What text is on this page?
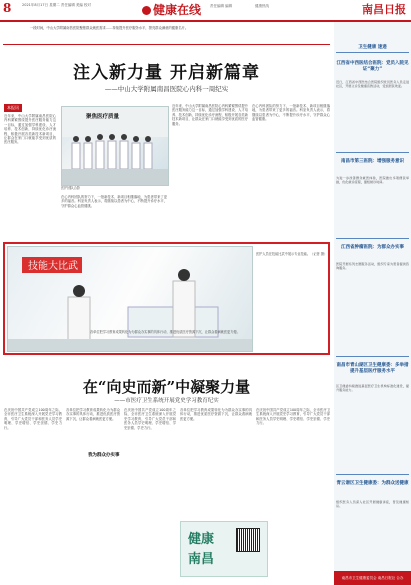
8	2021年8月17日 星期二 责任编辑 美编 校对	健康在线	责任编辑 编辑	健康热线	南昌日报
一段时间，中山大学附属南昌医院聚焦群众就医需求……持续提升医疗服务水平，擦亮群众满意的健康名片。
注入新力量 开启新篇章
——中山大学附属南昌医院心内科一周纪实
本报讯
近年来，中山大学附属南昌医院心内科紧紧围绕提升医疗服务能力这一目标，通过加强学科建设、人才培养、技术创新，持续优化诊疗流程，积极开展各类新技术新项目，让群众在家门口就能享受到优质的医疗服务。
医护团队合影
聚焦医疗质量
在心内科团队的努力下，一批新技术、新项目相继落地，为患者带来了更多的福音。科室负责人表示，将继续以患者为中心，不断提升诊疗水平，守护群众心血管健康。
近年来，中山大学附属南昌医院心内科紧紧围绕提升医疗服务能力这一目标，通过加强学科建设、人才培养、技术创新，持续优化诊疗流程，积极开展各类新技术新项目，让群众在家门口就能享受到优质的医疗服务。
在心内科团队的努力下，一批新技术、新项目相继落地，为患者带来了更多的福音。科室负责人表示，将继续以患者为中心，不断提升诊疗水平，守护群众心血管健康。
技能大比武
医护人员在技能比武中展示专业技能。（记者 摄）
各单位把学习教育成果转化为为群众办实事的具体行动，推进优质医疗资源下沉，让群众看病就医更方便。
在“向史而新”中凝聚力量
——市医疗卫生系统开展党史学习教育纪实
在庆祝中国共产党成立100周年之际，全市医疗卫生系统深入开展党史学习教育，引导广大党员干部和医务人员学史明理、学史增信、学史崇德、学史力行。
各单位把学习教育成果转化为为群众办实事的具体行动，推进优质医疗资源下沉，让群众看病就医更方便。
我为群众办实事
在庆祝中国共产党成立100周年之际，全市医疗卫生系统深入开展党史学习教育，引导广大党员干部和医务人员学史明理、学史增信、学史崇德、学史力行。
各单位把学习教育成果转化为为群众办实事的具体行动，推进优质医疗资源下沉，让群众看病就医更方便。
在庆祝中国共产党成立100周年之际，全市医疗卫生系统深入开展党史学习教育，引导广大党员干部和医务人员学史明理、学史增信、学史崇德、学史力行。
健康
南昌
卫生健康 速递
江西省中西医结合医院：党员入院见证“聚力”
近日，江西省中西医结合医院组织党员医务人员走进社区，开展义诊及健康宣教活动，受到居民欢迎。
南昌市第三医院：增强服务意识
为进一步改善群众就医体验，医院推出多项便民举措，优化就诊流程，缩短候诊时间。
江西省肿瘤医院：为群众办实事
医院开展系列志愿服务活动，组织专家为患者提供咨询服务。
南昌市青山湖区卫生健康委：多举措提升基层医疗服务水平
区卫健委持续推进基层医疗卫生机构标准化建设，提升服务能力。
青云谱区卫生健康委：为群众送健康
组织医务人员深入社区开展健康讲座，普及健康知识。
南昌市卫生健康委员会 南昌日报社 合办
